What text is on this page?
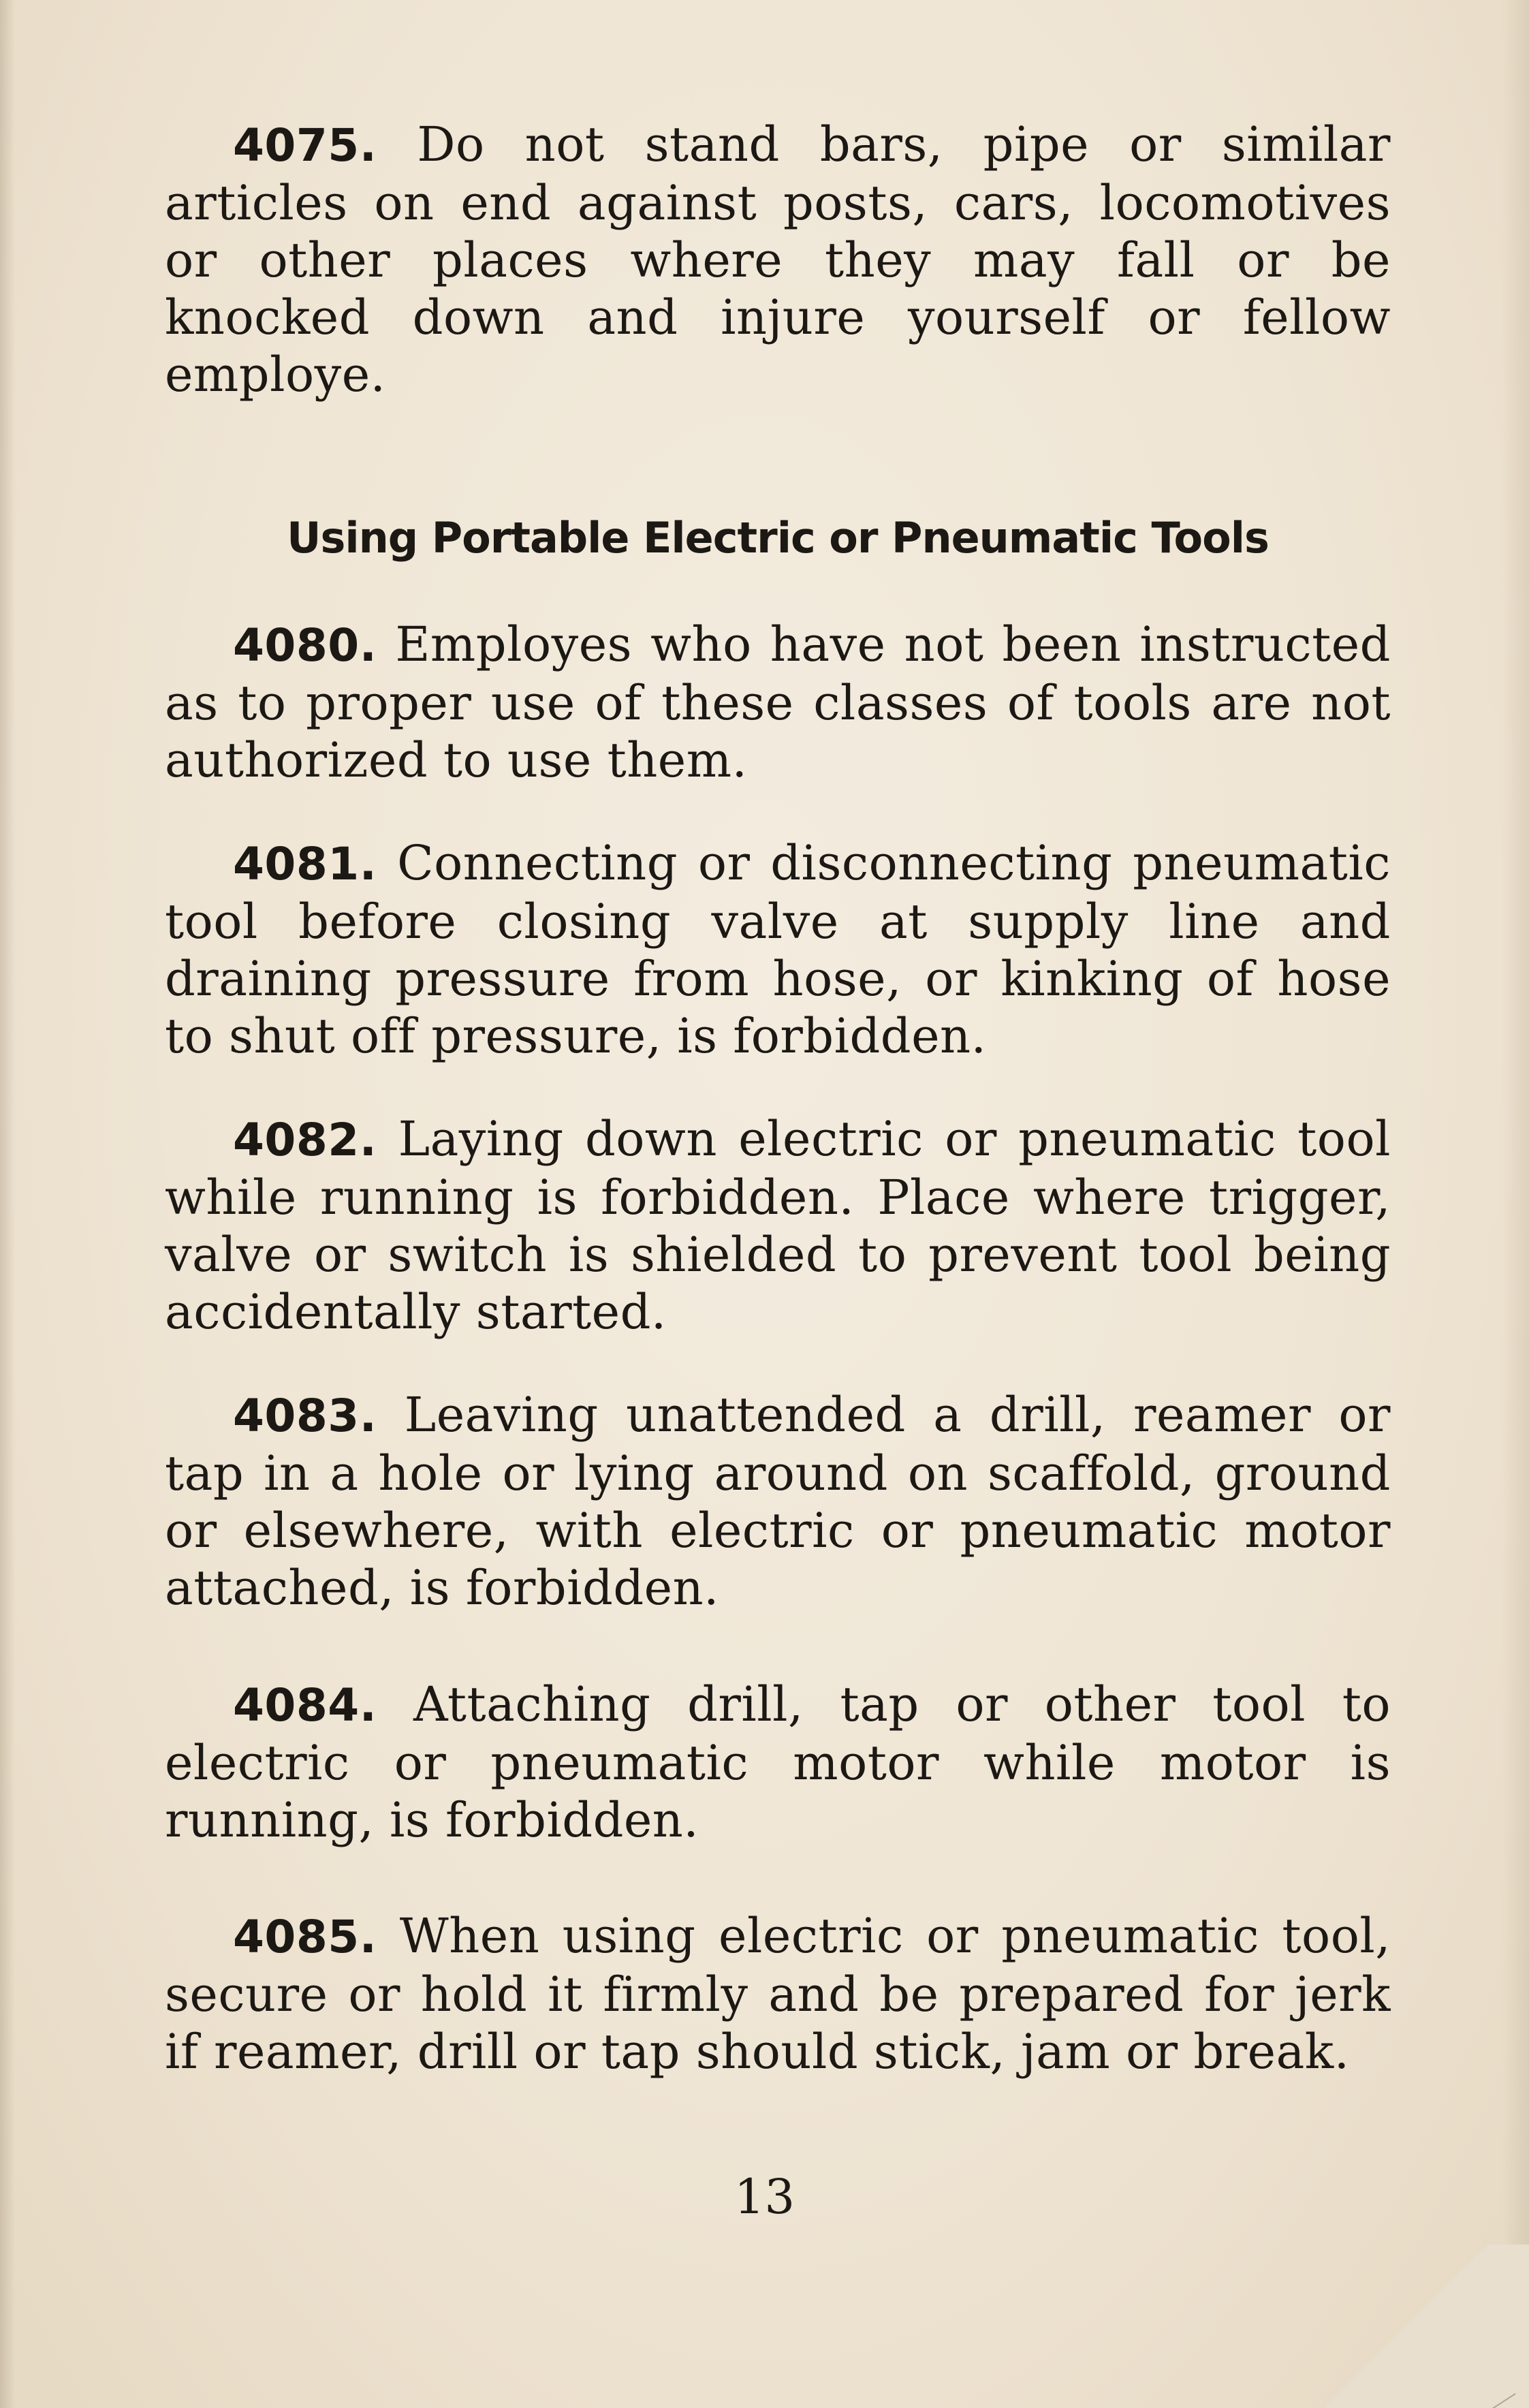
4075. Do not stand bars, pipe or similar articles on end against posts, cars, locomotives or other places where they may fall or be knocked down and injure yourself or fellow employe.

Using Portable Electric or Pneumatic Tools

4080. Employes who have not been instructed as to proper use of these classes of tools are not authorized to use them.

4081. Connecting or disconnecting pneumatic tool before closing valve at supply line and draining pressure from hose, or kinking of hose to shut off pressure, is forbidden.

4082. Laying down electric or pneumatic tool while running is forbidden. Place where trigger, valve or switch is shielded to prevent tool being accidentally started.

4083. Leaving unattended a drill, reamer or tap in a hole or lying around on scaffold, ground or elsewhere, with electric or pneumatic motor attached, is forbidden.

4084. Attaching drill, tap or other tool to electric or pneumatic motor while motor is running, is forbidden.

4085. When using electric or pneumatic tool, secure or hold it firmly and be prepared for jerk if reamer, drill or tap should stick, jam or break.

13
